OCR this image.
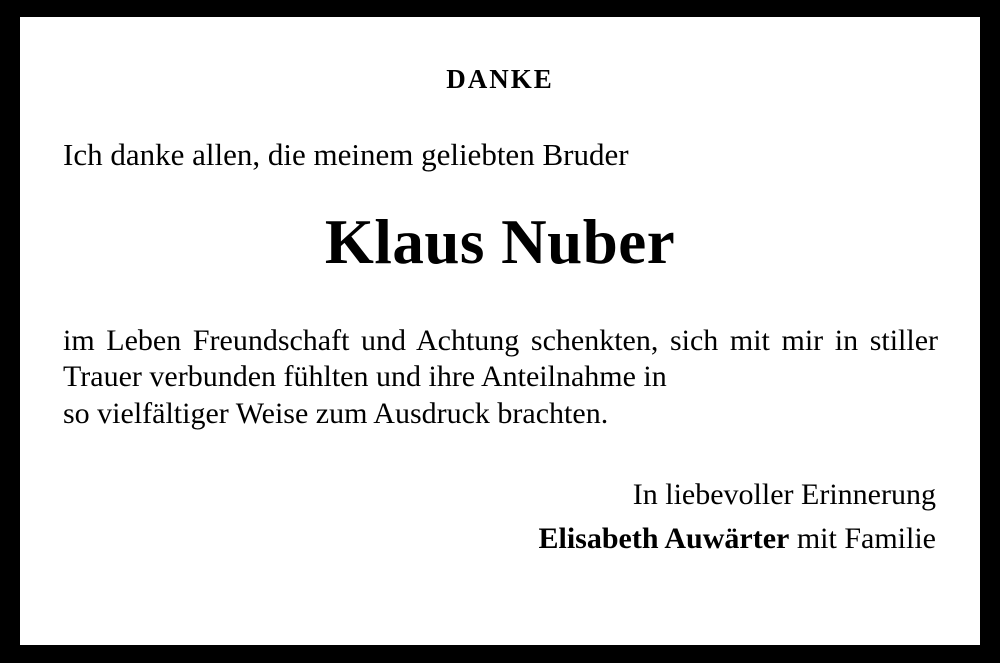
DANKE
Ich danke allen, die meinem geliebten Bruder
Klaus Nuber
im Leben Freundschaft und Achtung schenkten, sich mit mir in stiller Trauer verbunden fühlten und ihre Anteilnahme in
so vielfältiger Weise zum Ausdruck brachten.
In liebevoller Erinnerung
Elisabeth Auwärter mit Familie
